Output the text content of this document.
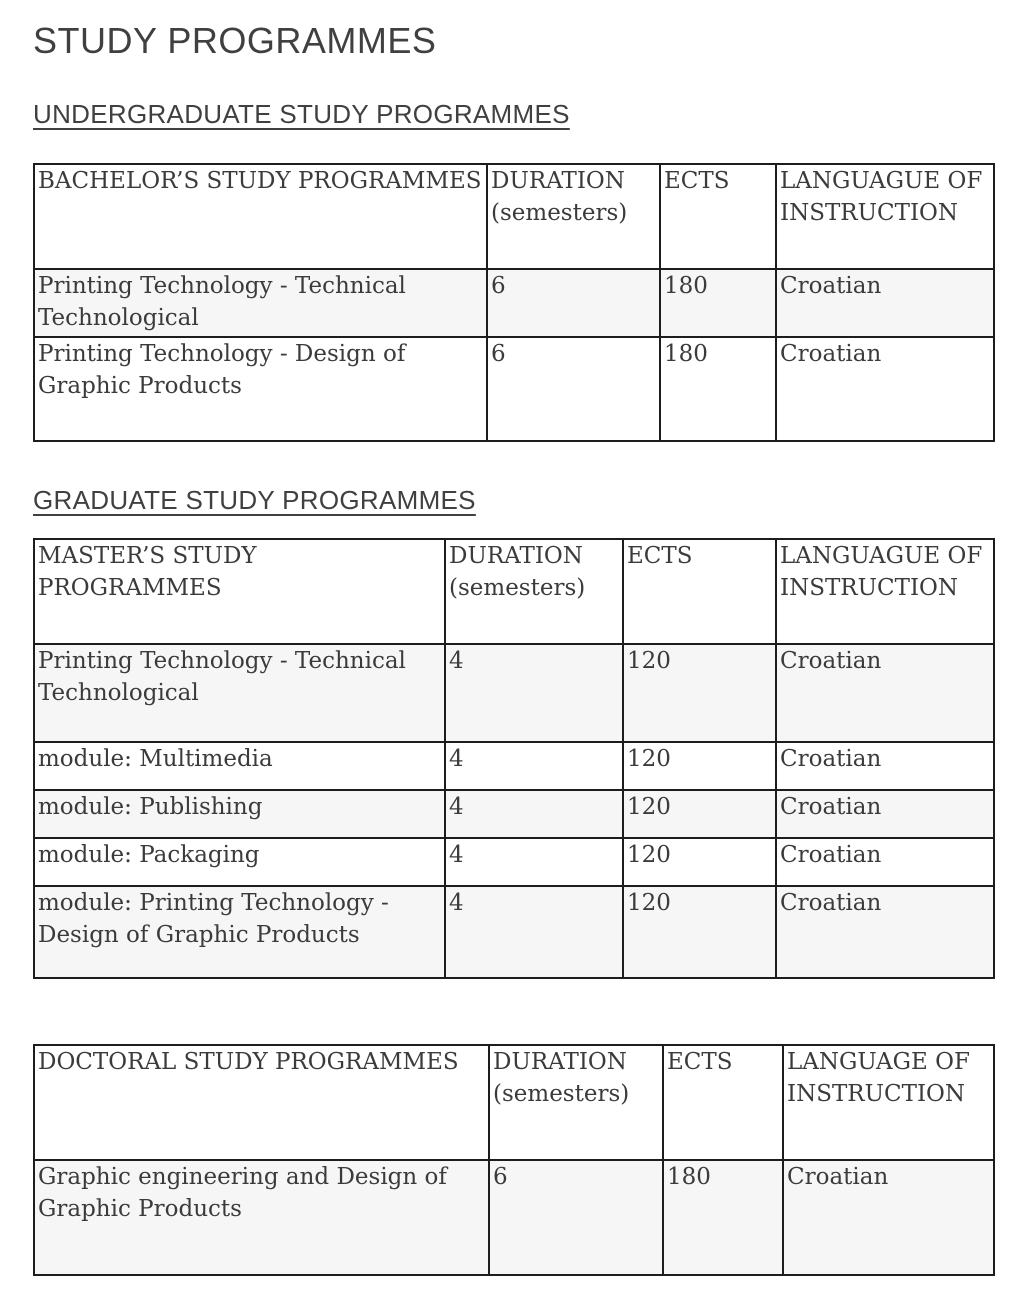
STUDY PROGRAMMES
UNDERGRADUATE STUDY PROGRAMMES
BACHELOR’S STUDY PROGRAMMES	DURATION (semesters)	ECTS	LANGUAGUE OF INSTRUCTION
Printing Technology - Technical Technological	6	180	Croatian
Printing Technology - Design of Graphic Products	6	180	Croatian
GRADUATE STUDY PROGRAMMES
MASTER’S STUDY PROGRAMMES	DURATION (semesters)	ECTS	LANGUAGUE OF INSTRUCTION
Printing Technology - Technical Technological	4	120	Croatian
module: Multimedia	4	120	Croatian
module: Publishing	4	120	Croatian
module: Packaging	4	120	Croatian
module: Printing Technology - Design of Graphic Products	4	120	Croatian
DOCTORAL STUDY PROGRAMMES	DURATION (semesters)	ECTS	LANGUAGE OF INSTRUCTION
Graphic engineering and Design of Graphic Products	6	180	Croatian
